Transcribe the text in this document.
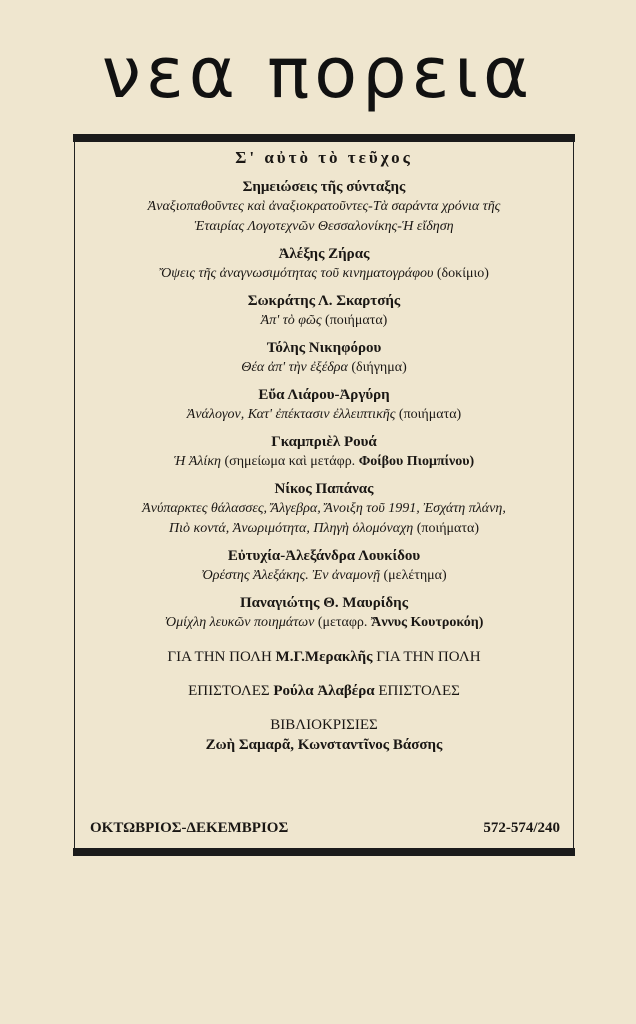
νεα πορεια
Σ' αὐτὸ τὸ τεῦχος
Σημειώσεις τῆς σύνταξης
Ἀναξιοπαθοῦντες καὶ ἀναξιοκρατοῦντες-Τὰ σαράντα χρόνια τῆς
Ἑταιρίας Λογοτεχνῶν Θεσσαλονίκης-Ἡ εἴδηση
Ἀλέξης Ζήρας
Ὄψεις τῆς ἀναγνωσιμότητας τοῦ κινηματογράφου (δοκίμιο)
Σωκράτης Λ. Σκαρτσής
Ἀπ' τὸ φῶς (ποιήματα)
Τόλης Νικηφόρου
Θέα ἀπ' τὴν ἐξέδρα (διήγημα)
Εὔα Λιάρου-Ἀργύρη
Ἀνάλογον, Κατ' ἐπέκτασιν ἐλλειπτικῆς (ποιήματα)
Γκαμπριὲλ Ρουά
Ἡ Ἀλίκη (σημείωμα καὶ μετάφρ. Φοίβου Πιομπίνου)
Νίκος Παπάνας
Ἀνύπαρκτες θάλασσες, Ἄλγεβρα, Ἄνοιξη τοῦ 1991, Ἐσχάτη πλάνη,
Πιὸ κοντά, Ἀνωριμότητα, Πληγὴ ὁλομόναχη (ποιήματα)
Εὐτυχία-Ἀλεξάνδρα Λουκίδου
Ὀρέστης Ἀλεξάκης. Ἐν ἀναμονῇ (μελέτημα)
Παναγιώτης Θ. Μαυρίδης
Ὀμίχλη λευκῶν ποιημάτων (μεταφρ. Ἄννυς Κουτροκόη)
ΓΙΑ ΤΗΝ ΠΟΛΗ Μ.Γ.Μερακλῆς ΓΙΑ ΤΗΝ ΠΟΛΗ
ΕΠΙΣΤΟΛΕΣ Ρούλα Ἀλαβέρα ΕΠΙΣΤΟΛΕΣ
ΒΙΒΛΙΟΚΡΙΣΙΕΣ
Ζωὴ Σαμαρᾶ, Κωνσταντῖνος Βάσσης
ΟΚΤΩΒΡΙΟΣ-ΔΕΚΕΜΒΡΙΟΣ	572-574/240
